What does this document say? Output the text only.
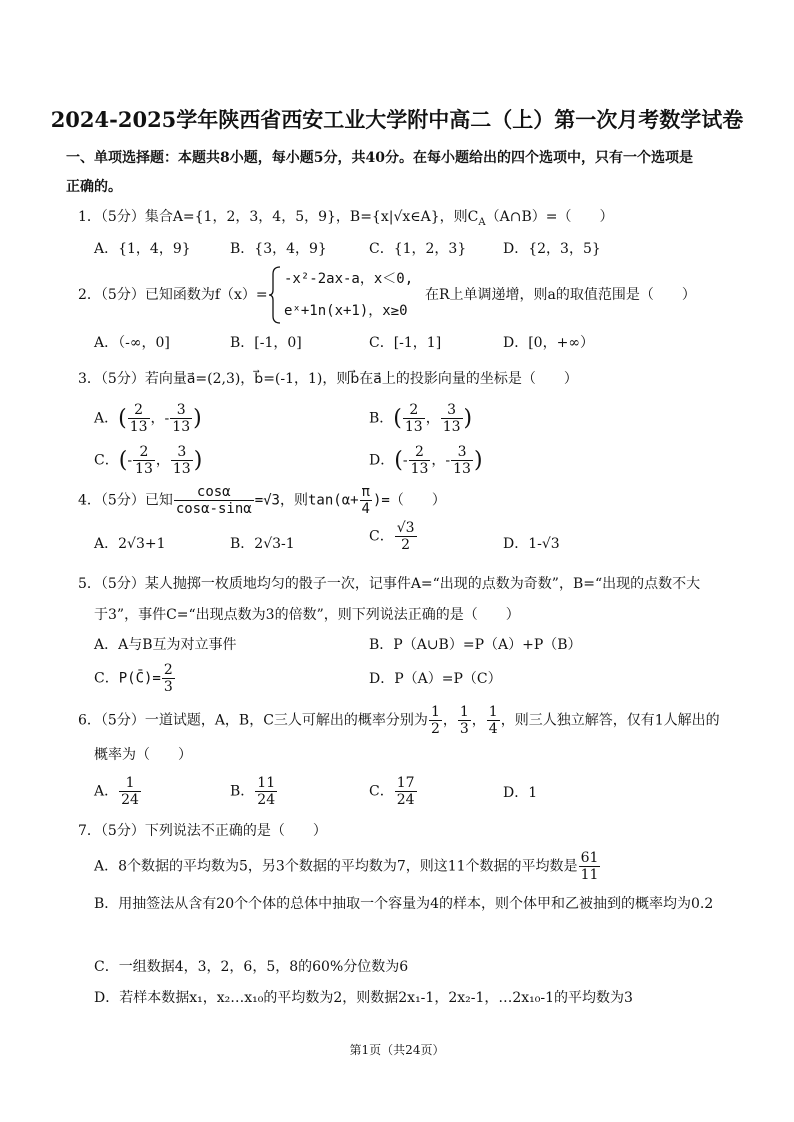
2024-2025学年陕西省西安工业大学附中高二（上）第一次月考数学试卷
一、单项选择题：本题共8小题，每小题5分，共40分。在每小题给出的四个选项中，只有一个选项是
正确的。
1．（5分）集合A={1，2，3，4，5，9}，B={x|√x∈A}，则$C_A(A\cap B)=$（　　）
A．{1，4，9}	B．{3，4，9}	C．{1，2，3}	D．{2，3，5}
2．（5分）已知函数为f（x）=
-x²-2ax-a，x＜0,
eˣ+1n(x+1)，x≥0
在R上单调递增，则a的取值范围是（　　）
A．（-∞，0]	B．[-1，0]	C．[-1，1]	D．[0，+∞）
3．（5分）若向量a⃗=(2,3)，b⃗=(-1，1)，则b⃗在a⃗上的投影向量的坐标是（　　）
A．( $\frac{2}{13}$ ，- $\frac{3}{13}$ )	B．( $\frac{2}{13}$ ， $\frac{3}{13}$ )
C．(- $\frac{2}{13}$ ， $\frac{3}{13}$ )	D．(- $\frac{2}{13}$ ，- $\frac{3}{13}$ )
4．（5分）已知 $\frac{\cos\alpha}{\cos\alpha-\sin\alpha} =√3$，则$\tan(\alpha+ \frac{\pi}{4}$ )=（　　）
A．2√3+1	B．2√3-1	C． $\frac{√3}{2}$	D．1-√3
5．（5分）某人抛掷一枚质地均匀的骰子一次，记事件A=“出现的点数为奇数”，B=“出现的点数不大
于3”，事件C=“出现点数为3的倍数”，则下列说法正确的是（　　）
A．A与B互为对立事件	B．P（A∪B）=P（A）+P（B）
C．P(C̄)= $\frac{2}{3}$	D．P（A）=P（C）
6．（5分）一道试题，A，B，C三人可解出的概率分别为 $\frac{1}{2}$ ， $\frac{1}{3}$ ， $\frac{1}{4}$ ，则三人独立解答，仅有1人解出的
概率为（　　）
A． $\frac{1}{24}$	B． $\frac{11}{24}$	C． $\frac{17}{24}$	D．1
7．（5分）下列说法不正确的是（　　）
A．8个数据的平均数为5，另3个数据的平均数为7，则这11个数据的平均数是 $\frac{61}{11}$
B．用抽签法从含有20个个体的总体中抽取一个容量为4的样本，则个体甲和乙被抽到的概率均为0.2
C．一组数据4，3，2，6，5，8的60%分位数为6
D．若样本数据x₁，x₂…x₁₀的平均数为2，则数据2x₁-1，2x₂-1，…2x₁₀-1的平均数为3
第1页（共24页）
